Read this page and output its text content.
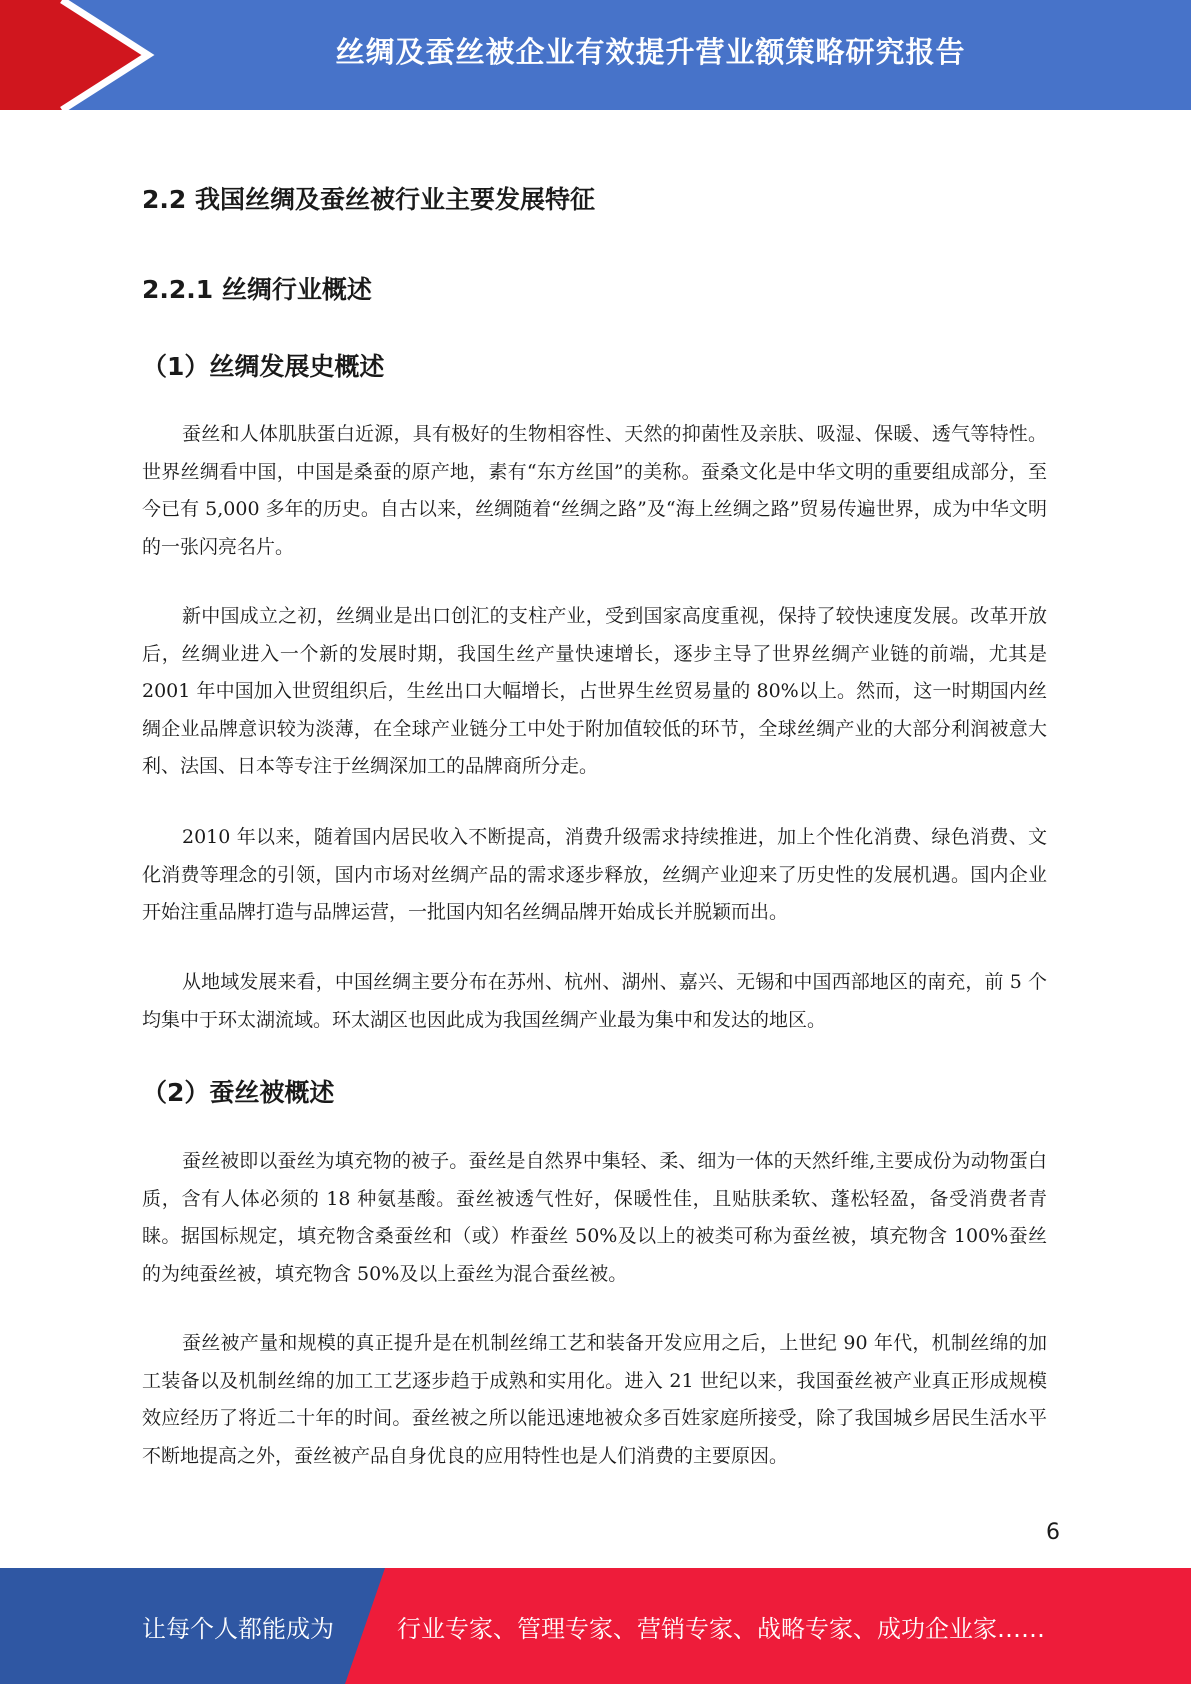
丝绸及蚕丝被企业有效提升营业额策略研究报告
2.2 我国丝绸及蚕丝被行业主要发展特征
2.2.1 丝绸行业概述
（1）丝绸发展史概述

蚕丝和人体肌肤蛋白近源，具有极好的生物相容性、天然的抑菌性及亲肤、吸湿、保暖、透气等特性。世界丝绸看中国，中国是桑蚕的原产地，素有“东方丝国”的美称。蚕桑文化是中华文明的重要组成部分，至今已有 5,000 多年的历史。自古以来，丝绸随着“丝绸之路”及“海上丝绸之路”贸易传遍世界，成为中华文明的一张闪亮名片。

新中国成立之初，丝绸业是出口创汇的支柱产业，受到国家高度重视，保持了较快速度发展。改革开放后，丝绸业进入一个新的发展时期，我国生丝产量快速增长，逐步主导了世界丝绸产业链的前端，尤其是 2001 年中国加入世贸组织后，生丝出口大幅增长，占世界生丝贸易量的 80%以上。然而，这一时期国内丝绸企业品牌意识较为淡薄，在全球产业链分工中处于附加值较低的环节，全球丝绸产业的大部分利润被意大利、法国、日本等专注于丝绸深加工的品牌商所分走。

2010 年以来，随着国内居民收入不断提高，消费升级需求持续推进，加上个性化消费、绿色消费、文化消费等理念的引领，国内市场对丝绸产品的需求逐步释放，丝绸产业迎来了历史性的发展机遇。国内企业开始注重品牌打造与品牌运营，一批国内知名丝绸品牌开始成长并脱颖而出。

从地域发展来看，中国丝绸主要分布在苏州、杭州、湖州、嘉兴、无锡和中国西部地区的南充，前 5 个均集中于环太湖流域。环太湖区也因此成为我国丝绸产业最为集中和发达的地区。

（2）蚕丝被概述

蚕丝被即以蚕丝为填充物的被子。蚕丝是自然界中集轻、柔、细为一体的天然纤维,主要成份为动物蛋白质，含有人体必须的 18 种氨基酸。蚕丝被透气性好，保暖性佳，且贴肤柔软、蓬松轻盈，备受消费者青睐。据国标规定，填充物含桑蚕丝和（或）柞蚕丝 50%及以上的被类可称为蚕丝被，填充物含 100%蚕丝的为纯蚕丝被，填充物含 50%及以上蚕丝为混合蚕丝被。

蚕丝被产量和规模的真正提升是在机制丝绵工艺和装备开发应用之后，上世纪 90 年代，机制丝绵的加工装备以及机制丝绵的加工工艺逐步趋于成熟和实用化。进入 21 世纪以来，我国蚕丝被产业真正形成规模效应经历了将近二十年的时间。蚕丝被之所以能迅速地被众多百姓家庭所接受，除了我国城乡居民生活水平不断地提高之外，蚕丝被产品自身优良的应用特性也是人们消费的主要原因。

6
让每个人都能成为	行业专家、管理专家、营销专家、战略专家、成功企业家……
